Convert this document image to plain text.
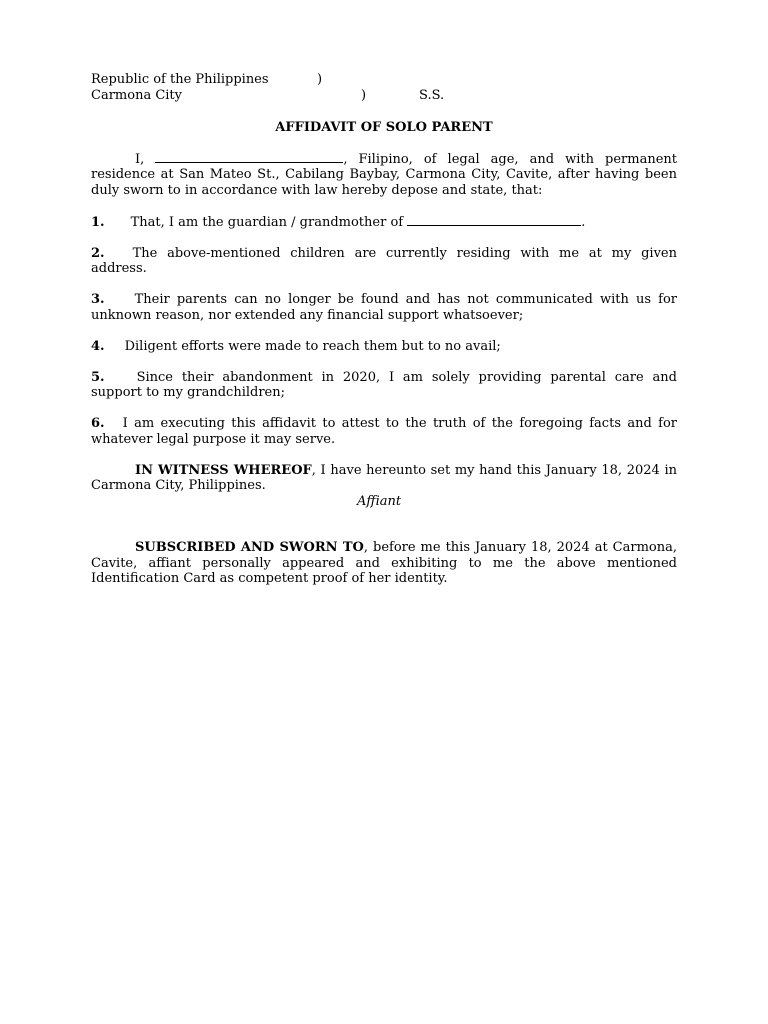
Republic of the Philippines	)
Carmona City	)	S.S.
AFFIDAVIT OF SOLO PARENT

I,	, Filipino, of legal age, and with permanent residence at San Mateo St., Cabilang Baybay, Carmona City, Cavite, after having been duly sworn to in accordance with law hereby depose and state, that:

1. That, I am the guardian / grandmother of	.

2. The above-mentioned children are currently residing with me at my given address.

3. Their parents can no longer be found and has not communicated with us for unknown reason, nor extended any financial support whatsoever;

4. Diligent efforts were made to reach them but to no avail;

5. Since their abandonment in 2020, I am solely providing parental care and support to my grandchildren;

6. I am executing this affidavit to attest to the truth of the foregoing facts and for whatever legal purpose it may serve.

IN WITNESS WHEREOF, I have hereunto set my hand this January 18, 2024 in Carmona City, Philippines.

Affiant

SUBSCRIBED AND SWORN TO, before me this January 18, 2024 at Carmona, Cavite, affiant personally appeared and exhibiting to me the above mentioned Identification Card as competent proof of her identity.
